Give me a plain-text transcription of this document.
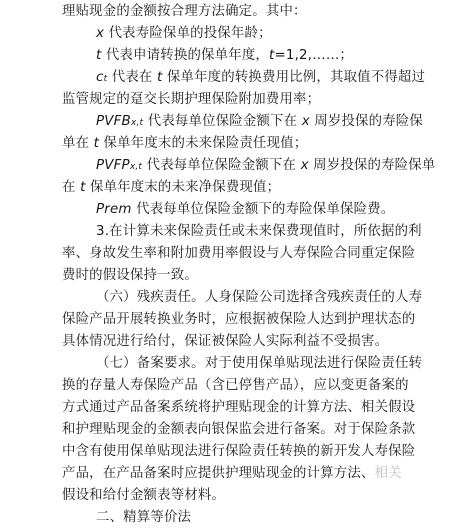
理贴现金的金额按合理方法确定。其中：
x 代表寿险保单的投保年龄；
t 代表申请转换的保单年度，t=1,2,……；
ct 代表在 t 保单年度的转换费用比例，其取值不得超过
监管规定的趸交长期护理保险附加费用率；
PVFBx,t 代表每单位保险金额下在 x 周岁投保的寿险保
单在 t 保单年度末的未来保险责任现值；
PVFPx,t 代表每单位保险金额下在 x 周岁投保的寿险保单
在 t 保单年度末的未来净保费现值；
Prem 代表每单位保险金额下的寿险保单保险费。
3.在计算未来保险责任或未来保费现值时，所依据的利
率、身故发生率和附加费用率假设与人寿保险合同重定保险
费时的假设保持一致。
（六）残疾责任。人身保险公司选择含残疾责任的人寿
保险产品开展转换业务时，应根据被保险人达到护理状态的
具体情况进行给付，保证被保险人实际利益不受损害。
（七）备案要求。对于使用保单贴现法进行保险责任转
换的存量人寿保险产品（含已停售产品），应以变更备案的
方式通过产品备案系统将护理贴现金的计算方法、相关假设
和护理贴现金的金额表向银保监会进行备案。对于保险条款
中含有使用保单贴现法进行保险责任转换的新开发人寿保险
产品，在产品备案时应提供护理贴现金的计算方法、相关
假设和给付金额表等材料。
二、精算等价法
